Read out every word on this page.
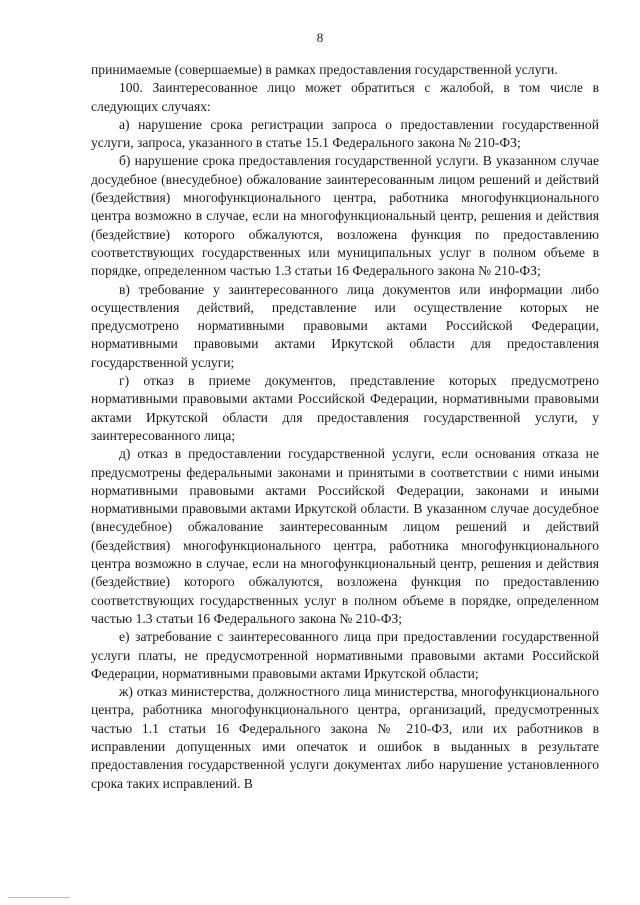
8

принимаемые (совершаемые) в рамках предоставления государственной услуги.

100. Заинтересованное лицо может обратиться с жалобой, в том числе в следующих случаях:

а) нарушение срока регистрации запроса о предоставлении государственной услуги, запроса, указанного в статье 15.1 Федерального закона № 210-ФЗ;

б) нарушение срока предоставления государственной услуги. В указанном случае досудебное (внесудебное) обжалование заинтересованным лицом решений и действий (бездействия) многофункционального центра, работника многофункционального центра возможно в случае, если на многофункциональный центр, решения и действия (бездействие) которого обжалуются, возложена функция по предоставлению соответствующих государственных или муниципальных услуг в полном объеме в порядке, определенном частью 1.3 статьи 16 Федерального закона № 210-ФЗ;

в) требование у заинтересованного лица документов или информации либо осуществления действий, представление или осуществление которых не предусмотрено нормативными правовыми актами Российской Федерации, нормативными правовыми актами Иркутской области для предоставления государственной услуги;

г) отказ в приеме документов, представление которых предусмотрено нормативными правовыми актами Российской Федерации, нормативными правовыми актами Иркутской области для предоставления государственной услуги, у заинтересованного лица;

д) отказ в предоставлении государственной услуги, если основания отказа не предусмотрены федеральными законами и принятыми в соответствии с ними иными нормативными правовыми актами Российской Федерации, законами и иными нормативными правовыми актами Иркутской области. В указанном случае досудебное (внесудебное) обжалование заинтересованным лицом решений и действий (бездействия) многофункционального центра, работника многофункционального центра возможно в случае, если на многофункциональный центр, решения и действия (бездействие) которого обжалуются, возложена функция по предоставлению соответствующих государственных услуг в полном объеме в порядке, определенном частью 1.3 статьи 16 Федерального закона № 210-ФЗ;

е) затребование с заинтересованного лица при предоставлении государственной услуги платы, не предусмотренной нормативными правовыми актами Российской Федерации, нормативными правовыми актами Иркутской области;

ж) отказ министерства, должностного лица министерства, многофункционального центра, работника многофункционального центра, организаций, предусмотренных частью 1.1 статьи 16 Федерального закона № 210-ФЗ, или их работников в исправлении допущенных ими опечаток и ошибок в выданных в результате предоставления государственной услуги документах либо нарушение установленного срока таких исправлений. В
